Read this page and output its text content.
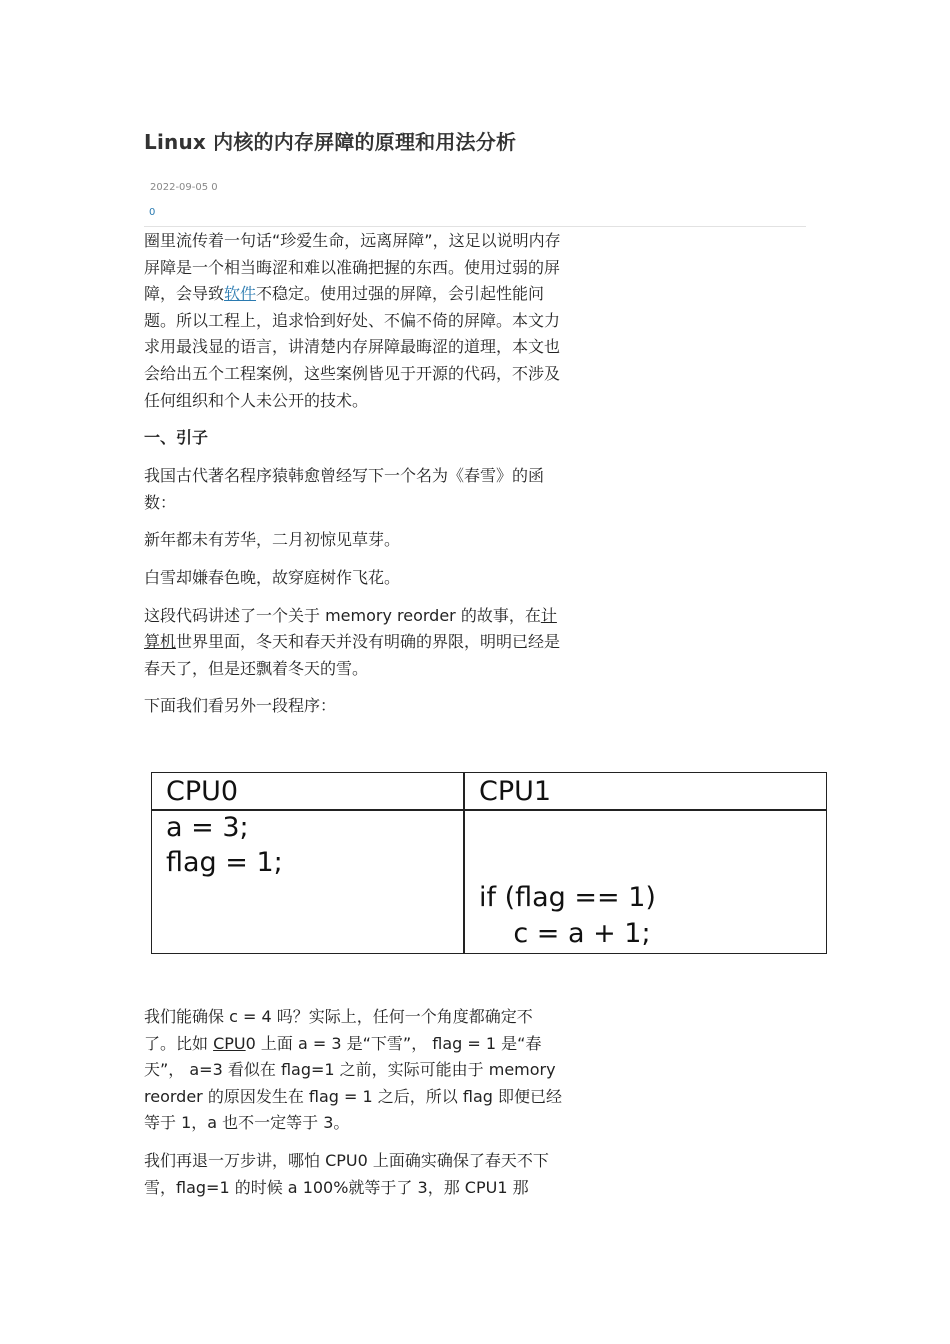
Linux 内核的内存屏障的原理和用法分析
2022-09-05 0
0

圈里流传着一句话“珍爱生命，远离屏障”，这足以说明内存屏障是一个相当晦涩和难以准确把握的东西。使用过弱的屏障，会导致软件不稳定。使用过强的屏障，会引起性能问题。所以工程上，追求恰到好处、不偏不倚的屏障。本文力求用最浅显的语言，讲清楚内存屏障最晦涩的道理，本文也会给出五个工程案例，这些案例皆见于开源的代码，不涉及任何组织和个人未公开的技术。

一、引子

我国古代著名程序猿韩愈曾经写下一个名为《春雪》的函数：

新年都未有芳华，二月初惊见草芽。

白雪却嫌春色晚，故穿庭树作飞花。

这段代码讲述了一个关于 memory reorder 的故事，在计算机世界里面，冬天和春天并没有明确的界限，明明已经是春天了，但是还飘着冬天的雪。

下面我们看另外一段程序：

CPU0	CPU1
a = 3;
flag = 1;
if (flag == 1)
c = a + 1;

我们能确保 c = 4 吗？实际上，任何一个角度都确定不了。比如 CPU0 上面 a = 3 是“下雪”， flag = 1 是“春天”， a=3 看似在 flag=1 之前，实际可能由于 memory reorder 的原因发生在 flag = 1 之后，所以 flag 即便已经等于 1，a 也不一定等于 3。

我们再退一万步讲，哪怕 CPU0 上面确实确保了春天不下雪，flag=1 的时候 a 100%就等于了 3，那 CPU1 那
